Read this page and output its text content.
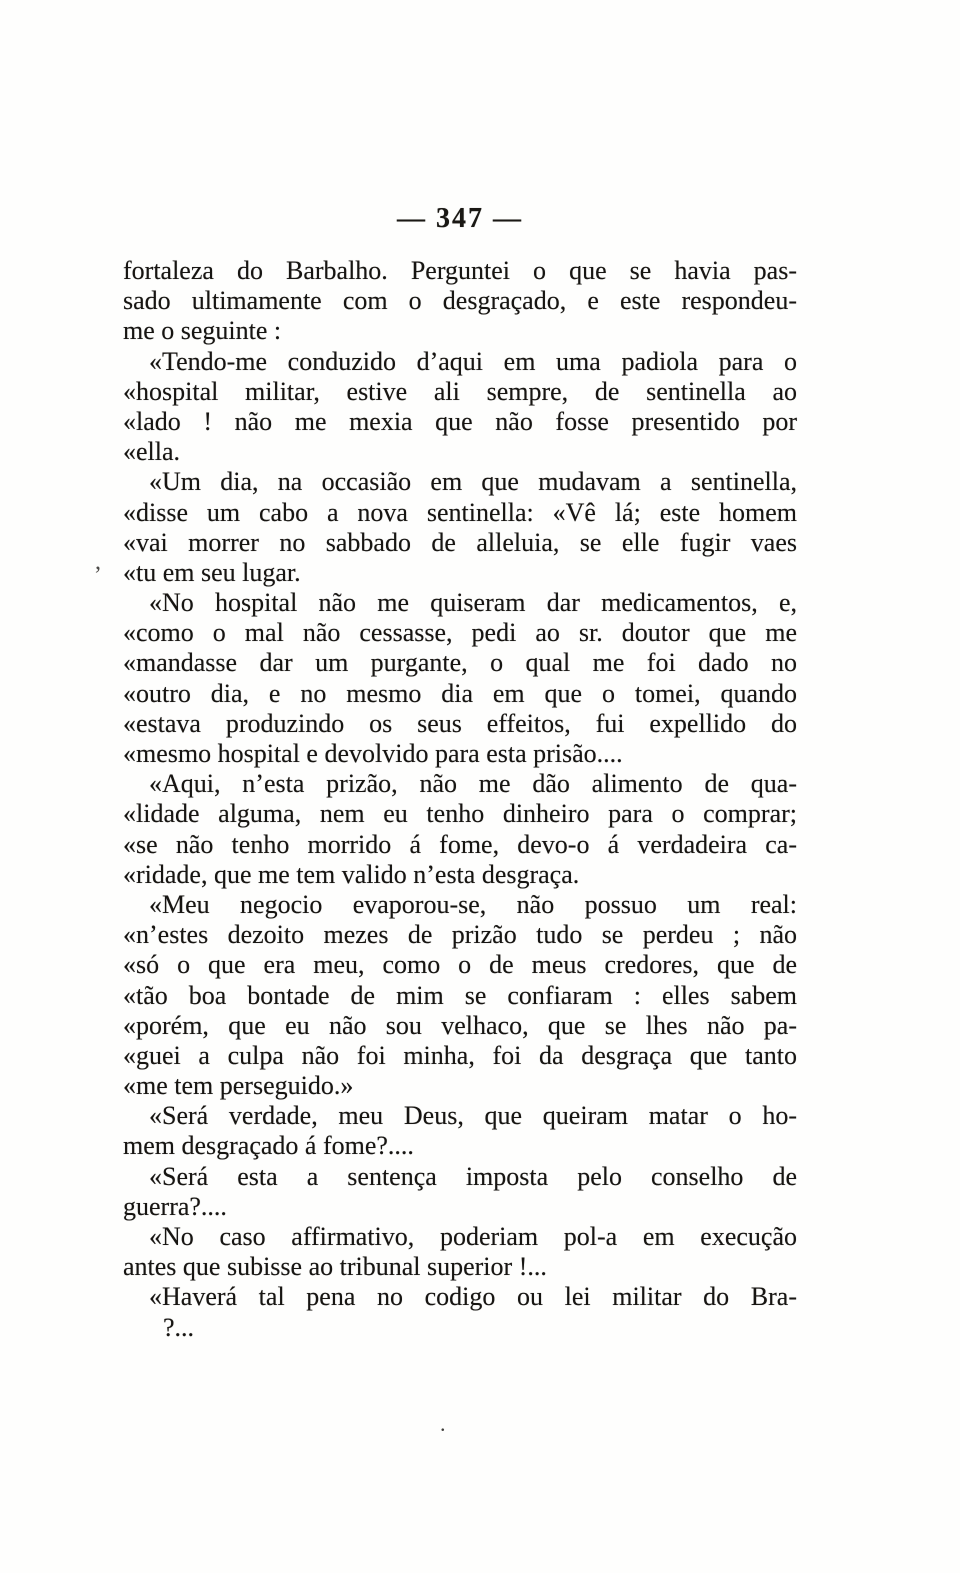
— 347 —
fortaleza do Barbalho. Perguntei o que se havia pas-
sado ultimamente com o desgraçado, e este respondeu-
me o seguinte :
«Tendo-me conduzido d’aqui em uma padiola para o
«hospital militar, estive ali sempre, de sentinella ao
«lado ! não me mexia que não fosse presentido por
«ella.
«Um dia, na occasião em que mudavam a sentinella,
«disse um cabo a nova sentinella: «Vê lá; este homem
«vai morrer no sabbado de alleluia, se elle fugir vaes
«tu em seu lugar.
«No hospital não me quiseram dar medicamentos, e,
«como o mal não cessasse, pedi ao sr. doutor que me
«mandasse dar um purgante, o qual me foi dado no
«outro dia, e no mesmo dia em que o tomei, quando
«estava produzindo os seus effeitos, fui expellido do
«mesmo hospital e devolvido para esta prisão....
«Aqui, n’esta prizão, não me dão alimento de qua-
«lidade alguma, nem eu tenho dinheiro para o comprar;
«se não tenho morrido á fome, devo-o á verdadeira ca-
«ridade, que me tem valido n’esta desgraça.
«Meu negocio evaporou-se, não possuo um real:
«n’estes dezoito mezes de prizão tudo se perdeu ; não
«só o que era meu, como o de meus credores, que de
«tão boa bontade de mim se confiaram : elles sabem
«porém, que eu não sou velhaco, que se lhes não pa-
«guei a culpa não foi minha, foi da desgraça que tanto
«me tem perseguido.»
«Será verdade, meu Deus, que queiram matar o ho-
mem desgraçado á fome?....
«Será esta a sentença imposta pelo conselho de
guerra?....
«No caso affirmativo, poderiam pol-a em execução
antes que subisse ao tribunal superior !...
«Haverá tal pena no codigo ou lei militar do Bra-
?...
,
.
